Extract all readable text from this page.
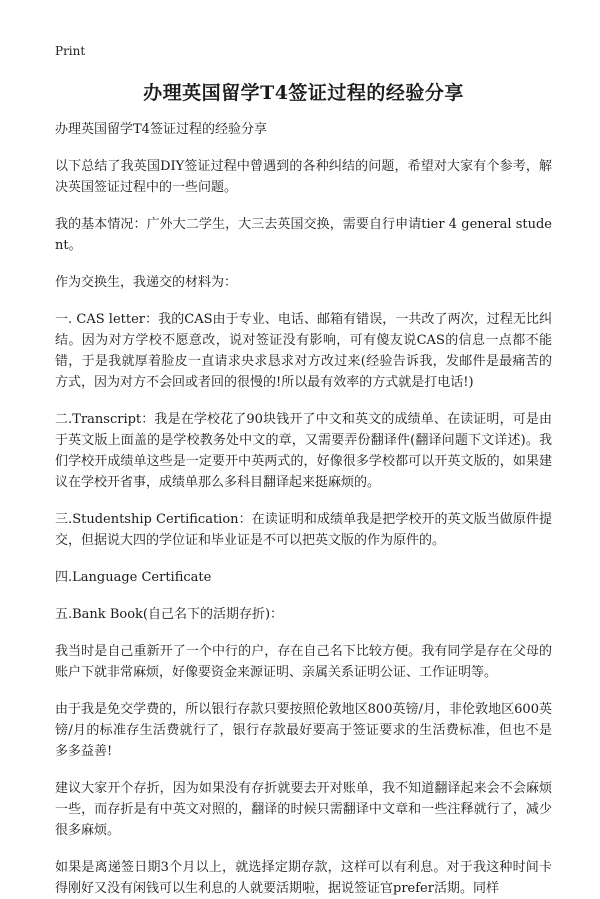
Print
办理英国留学T4签证过程的经验分享
办理英国留学T4签证过程的经验分享
以下总结了我英国DIY签证过程中曾遇到的各种纠结的问题，希望对大家有个参考，解决英国签证过程中的一些问题。
我的基本情况：广外大二学生，大三去英国交换，需要自行申请tier 4 general student。
作为交换生，我递交的材料为：
一. CAS letter：我的CAS由于专业、电话、邮箱有错误，一共改了两次，过程无比纠结。因为对方学校不愿意改，说对签证没有影响，可有傻友说CAS的信息一点都不能错，于是我就厚着脸皮一直请求央求恳求对方改过来(经验告诉我，发邮件是最痛苦的方式，因为对方不会回或者回的很慢的!所以最有效率的方式就是打电话!)
二.Transcript：我是在学校花了90块钱开了中文和英文的成绩单、在读证明，可是由于英文版上面盖的是学校教务处中文的章，又需要弄份翻译件(翻译问题下文详述)。我们学校开成绩单这些是一定要开中英两式的，好像很多学校都可以开英文版的，如果建议在学校开省事，成绩单那么多科目翻译起来挺麻烦的。
三.Studentship Certification：在读证明和成绩单我是把学校开的英文版当做原件提交，但据说大四的学位证和毕业证是不可以把英文版的作为原件的。
四.Language Certificate
五.Bank Book(自己名下的活期存折)：
我当时是自己重新开了一个中行的户，存在自己名下比较方便。我有同学是存在父母的账户下就非常麻烦，好像要资金来源证明、亲属关系证明公证、工作证明等。
由于我是免交学费的，所以银行存款只要按照伦敦地区800英镑/月，非伦敦地区600英镑/月的标准存生活费就行了，银行存款最好要高于签证要求的生活费标准，但也不是多多益善!
建议大家开个存折，因为如果没有存折就要去开对账单，我不知道翻译起来会不会麻烦一些，而存折是有中英文对照的，翻译的时候只需翻译中文章和一些注释就行了，减少很多麻烦。
如果是离递签日期3个月以上，就选择定期存款，这样可以有利息。对于我这种时间卡得刚好又没有闲钱可以生利息的人就要活期啦，据说签证官prefer活期。同样
